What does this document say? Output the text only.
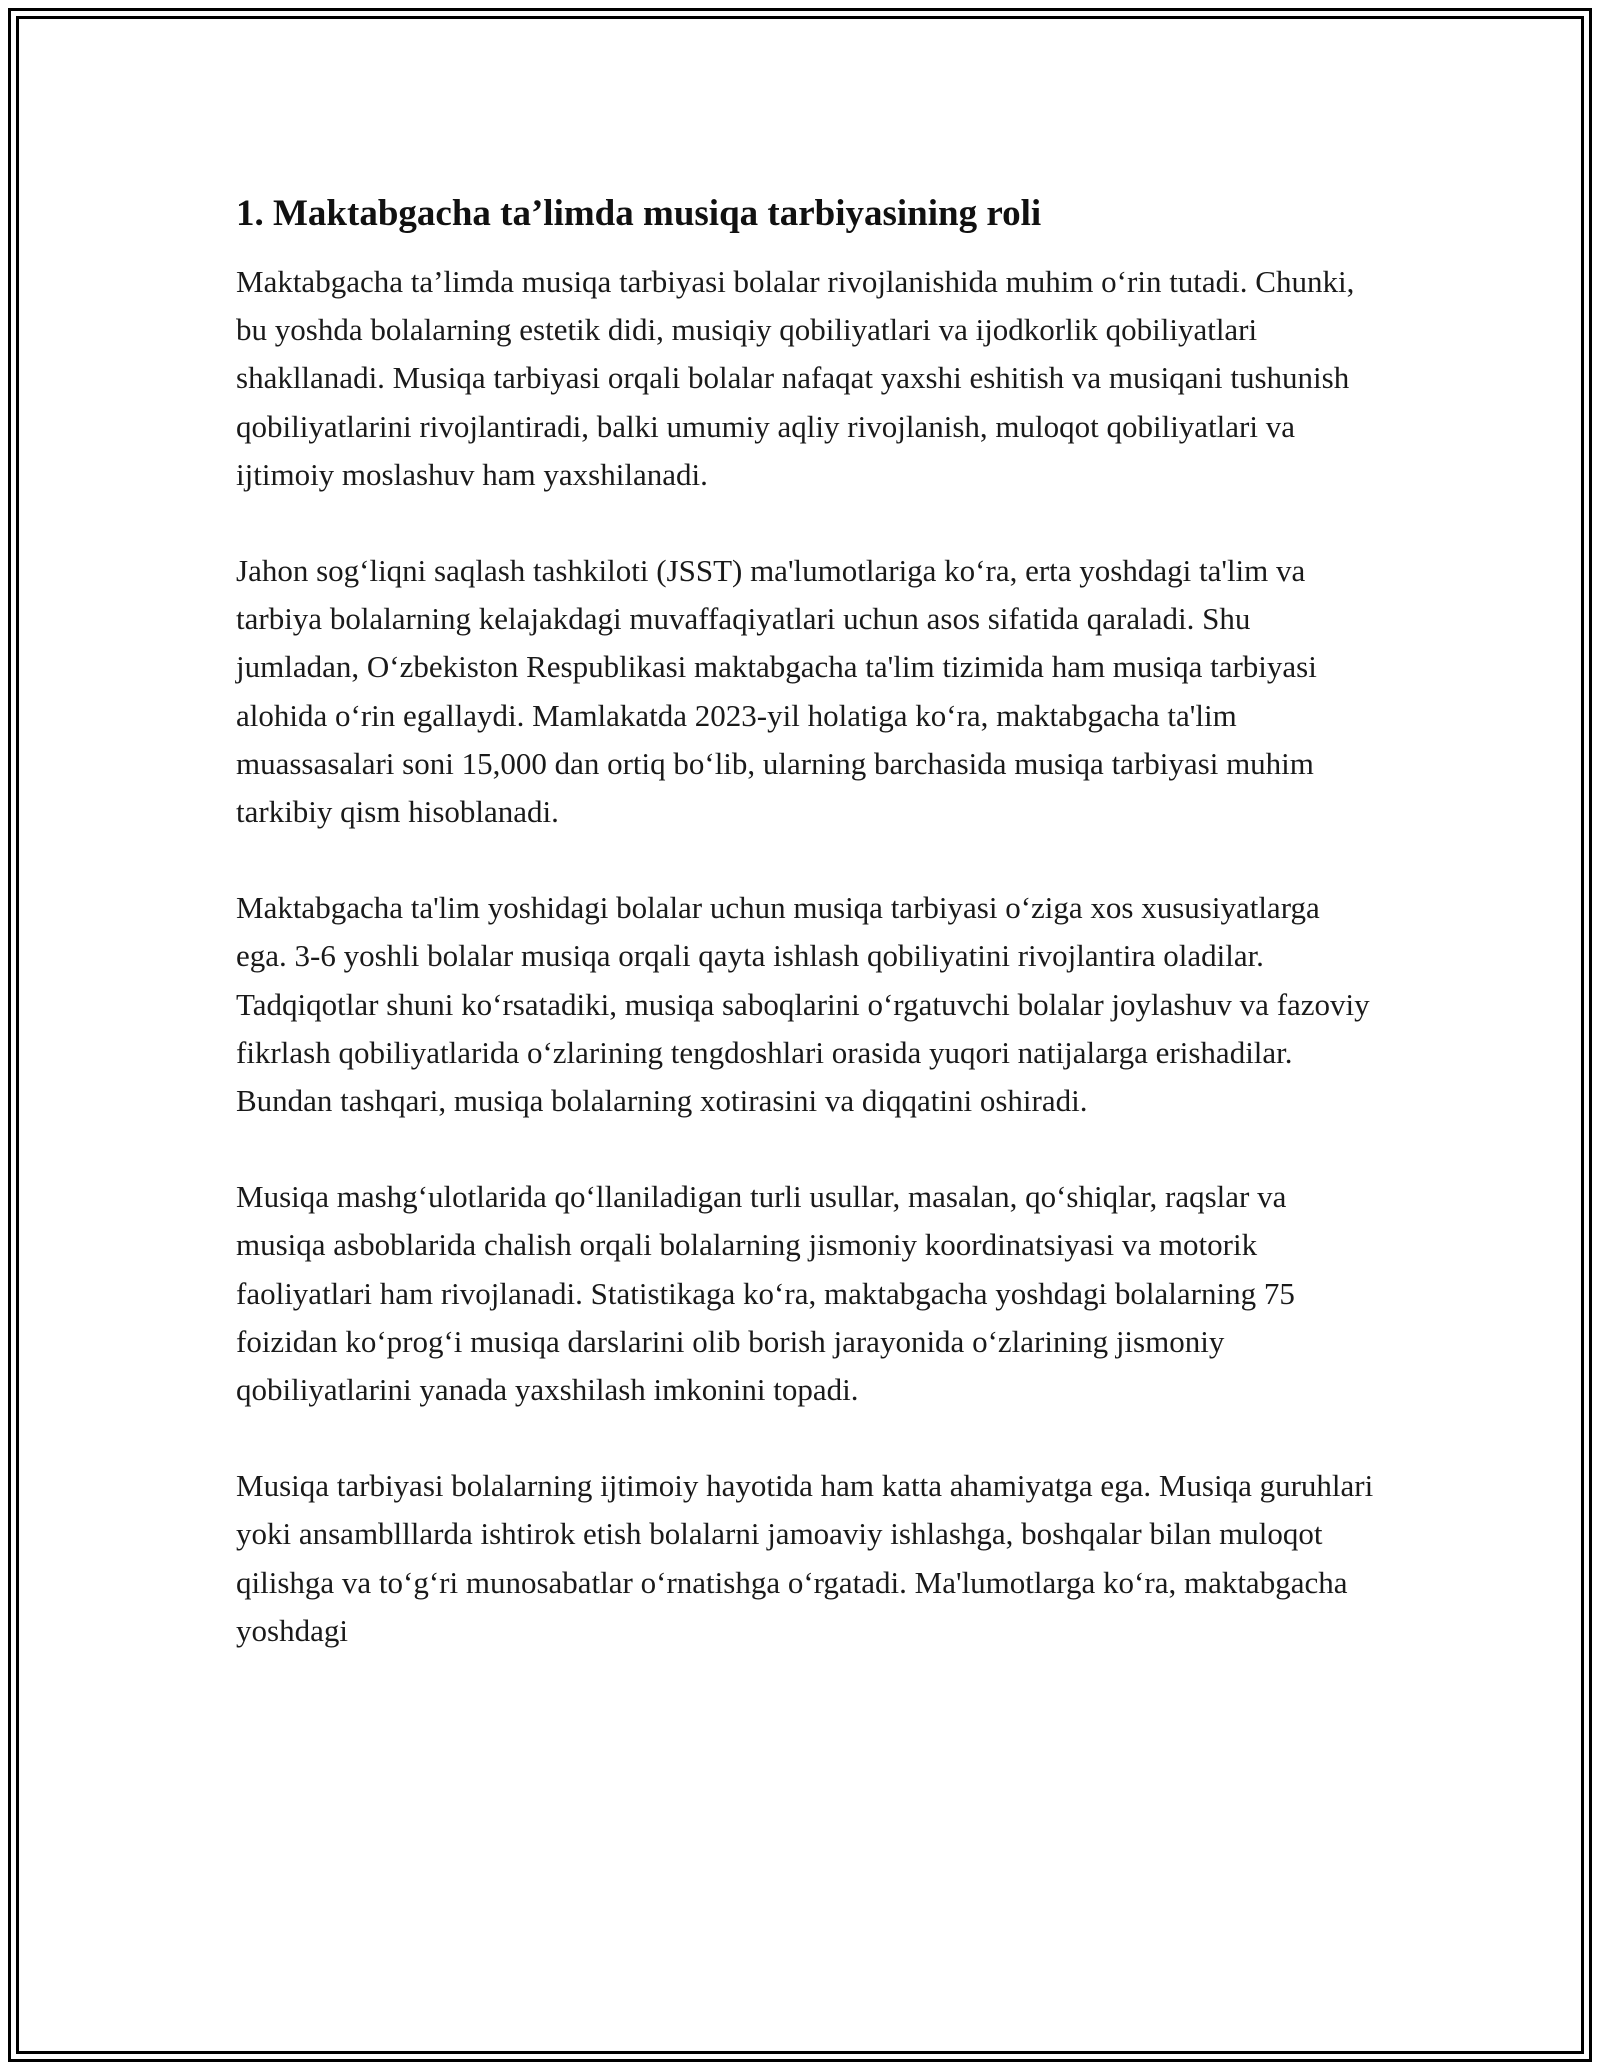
1. Maktabgacha ta’limda musiqa tarbiyasining roli

Maktabgacha ta’limda musiqa tarbiyasi bolalar rivojlanishida muhim o‘rin tutadi. Chunki, bu yoshda bolalarning estetik didi, musiqiy qobiliyatlari va ijodkorlik qobiliyatlari shakllanadi. Musiqa tarbiyasi orqali bolalar nafaqat yaxshi eshitish va musiqani tushunish qobiliyatlarini rivojlantiradi, balki umumiy aqliy rivojlanish, muloqot qobiliyatlari va ijtimoiy moslashuv ham yaxshilanadi.

Jahon sog‘liqni saqlash tashkiloti (JSST) ma'lumotlariga ko‘ra, erta yoshdagi ta'lim va tarbiya bolalarning kelajakdagi muvaffaqiyatlari uchun asos sifatida qaraladi. Shu jumladan, O‘zbekiston Respublikasi maktabgacha ta'lim tizimida ham musiqa tarbiyasi alohida o‘rin egallaydi. Mamlakatda 2023-yil holatiga ko‘ra, maktabgacha ta'lim muassasalari soni 15,000 dan ortiq bo‘lib, ularning barchasida musiqa tarbiyasi muhim tarkibiy qism hisoblanadi.

Maktabgacha ta'lim yoshidagi bolalar uchun musiqa tarbiyasi o‘ziga xos xususiyatlarga ega. 3-6 yoshli bolalar musiqa orqali qayta ishlash qobiliyatini rivojlantira oladilar. Tadqiqotlar shuni ko‘rsatadiki, musiqa saboqlarini o‘rgatuvchi bolalar joylashuv va fazoviy fikrlash qobiliyatlarida o‘zlarining tengdoshlari orasida yuqori natijalarga erishadilar. Bundan tashqari, musiqa bolalarning xotirasini va diqqatini oshiradi.

Musiqa mashg‘ulotlarida qo‘llaniladigan turli usullar, masalan, qo‘shiqlar, raqslar va musiqa asboblarida chalish orqali bolalarning jismoniy koordinatsiyasi va motorik faoliyatlari ham rivojlanadi. Statistikaga ko‘ra, maktabgacha yoshdagi bolalarning 75 foizidan ko‘prog‘i musiqa darslarini olib borish jarayonida o‘zlarining jismoniy qobiliyatlarini yanada yaxshilash imkonini topadi.

Musiqa tarbiyasi bolalarning ijtimoiy hayotida ham katta ahamiyatga ega. Musiqa guruhlari yoki ansamblllarda ishtirok etish bolalarni jamoaviy ishlashga, boshqalar bilan muloqot qilishga va to‘g‘ri munosabatlar o‘rnatishga o‘rgatadi. Ma'lumotlarga ko‘ra, maktabgacha yoshdagi
